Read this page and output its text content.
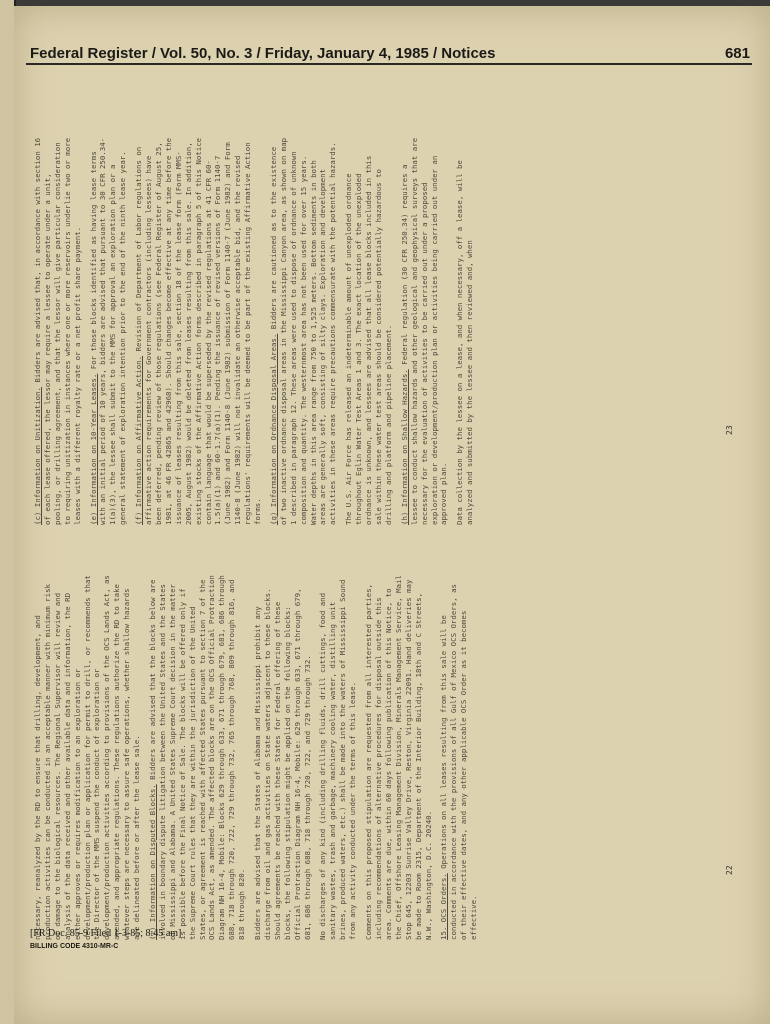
Federal Register / Vol. 50, No. 3 / Friday, January 4, 1985 / Notices	681

necessary, reanalyzed by the RD to ensure that drilling, development, and production activities can be conducted in an acceptable manner with minimum risk or damage to the biological resources. The Regional Supervisor will review and analysis of the data received and other available data and information, the RD either approves or requires modification to an exploration or development/production plan or application for permit to drill, or recommends that the Director of the MMS suspend the conduct of exploration or development/production activities according to provisions of the OCS Lands Act, as amended, and appropriate regulations. These regulations authorize the RD to take whatever steps are necessary to assure safe operations, whether shallow hazards are delineated before or after the lease sale. (i) Information on Disputed Blocks. Bidders are advised that the blocks below are involved in boundary dispute litigation between the United States and the States of Mississippi and Alabama. A United States Supreme Court decision in the matter is possible before the Final Notice of Sale. The blocks will be offered only if the Supreme Court rules that they are within the jurisdiction of the United States, or agreement is reached with affected States pursuant to section 7 of the OCS Lands Act, as amended. The affected blocks are on the OCS Official Protraction Diagram NH 16-4, Mobile: Blocks 629 through 633, 671 through 679, 681, 686 through 688, 718 through 720, 722, 729 through 732, 765 through 768, 809 through 816, and 818 through 820. Bidders are advised that the States of Alabama and Mississippi prohibit any discharge from oil and gas activities on State waters adjacent to these blocks. Should agreements be reached with these States for Federal offering of these blocks, the following stipulation might be applied on the following blocks: Official Protraction Diagram NH 16-4, Mobile: 629 through 633, 671 through 679, 681, 686 through 688, 718 through 720, 722, and 729 through 732. No discharges of any kind (including drilling fluids, drill cuttings, food and sanitary wastes, trash and garbage, machinery cooling water, distilling unit brines, produced waters, etc.) shall be made into the waters of Mississippi Sound from any activity conducted under the terms of this lease. Comments on this proposed stipulation are requested from all interested parties, including recommendations of alternative procedures for disposal outside this area. Comments are due, within 60 days following publication of this Notice, to the Chief, Offshore Leasing Management Division, Minerals Management Service, Mail Stop 645, 12203 Sunrise Valley Drive, Reston, Virginia 22091. Hand deliveries may be made to Room 2315, Department of the Interior Building, 18th and C Streets, N.W., Washington, D.C. 20240. 15. OCS Orders. Operations on all leases resulting from this sale will be conducted in accordance with the provisions of all Gulf of Mexico OCS Orders, as of their effective dates, and any other applicable OCS Order as it becomes effective.

23

(c) Information on Unitization. Bidders are advised that, in accordance with section 16 of each lease offered, the lessor may require a lessee to operate under a unit, pooling, or drilling agreement, and that the lessor will give particular consideration to requiring unitization in instances where one or more reservoirs underlie two or more leases with a different royalty rate or a net profit share payment. (e) Information on 10-Year Leases. For those blocks identified as having lease terms with an initial period of 10 years, bidders are advised that pursuant to 30 CFR 250.34-1(a)(3), the lessee shall submit to the MMS for approval an exploration plan or a general statement of exploration intention prior to the end of the ninth lease year. (f) Information on Affirmative Action. Revision of Department of Labor regulations on affirmative action requirements for Government contractors (including lessees) have been deferred, pending review of those regulations (see Federal Register of August 25, 1981, at 46 FR 42865 and 42968). Should changes become effective at any time before the issuance of leases resulting from this sale, section 18 of the lease form (Form MMS-2005, August 1982) would be deleted from leases resulting from this sale. In addition, existing stocks of the Affirmative Action forms described in paragraph 5 of this Notice contain language that would be superseded by the revised regulations at 41 CFR 60-1.5(a)(1) and 60-1.7(a)(1). Pending the issuance of revised versions of Form 1140-7 (June 1982) and Form 1140-8 (June 1982) submission of Form 1140-7 (June 1982) and Form 1140-8 (June 1982) will not invalidate an otherwise acceptable bid, and the revised regulations' requirements will be deemed to be part of the existing Affirmative Action forms. (g) Information on Ordnance Disposal Areas. Bidders are cautioned as to the existence of two inactive ordnance disposal areas in the Mississippi Canyon area, as shown on map 1 described in paragraph 12. These areas were used to dispose of ordnance of unknown composition and quantity. The westernmost area has not been used for over 15 years. Water depths in this area range from 750 to 1,525 meters. Bottom sediments in both areas are generally soft, consisting of silty clays. Exploration and development activities in these areas require precautions commensurate with the potential hazards. The U.S. Air Force has released an indeterminable amount of unexploded ordnance throughout Eglin Water Test Areas 1 and 3. The exact location of the unexploded ordnance is unknown, and lessees are advised that all lease blocks included in this sale within these water test areas should be considered potentially hazardous to drilling and platform and pipeline placement. (h) Information on Shallow Hazards. Federal regulation (30 CFR 250.34) requires a lessee to conduct shallow hazards and other geological and geophysical surveys that are necessary for the evaluation of activities to be carried out under a proposed exploration or development/production plan or activities being carried out under an approved plan. Data collection by the lessee on a lease, and when necessary, off a lease, will be analyzed and submitted by the lessee and then reviewed and, when

22
[FR Doc. 85-9 Filed 1-3-85; 8:45 am]
BILLING CODE 4310-MR-C
